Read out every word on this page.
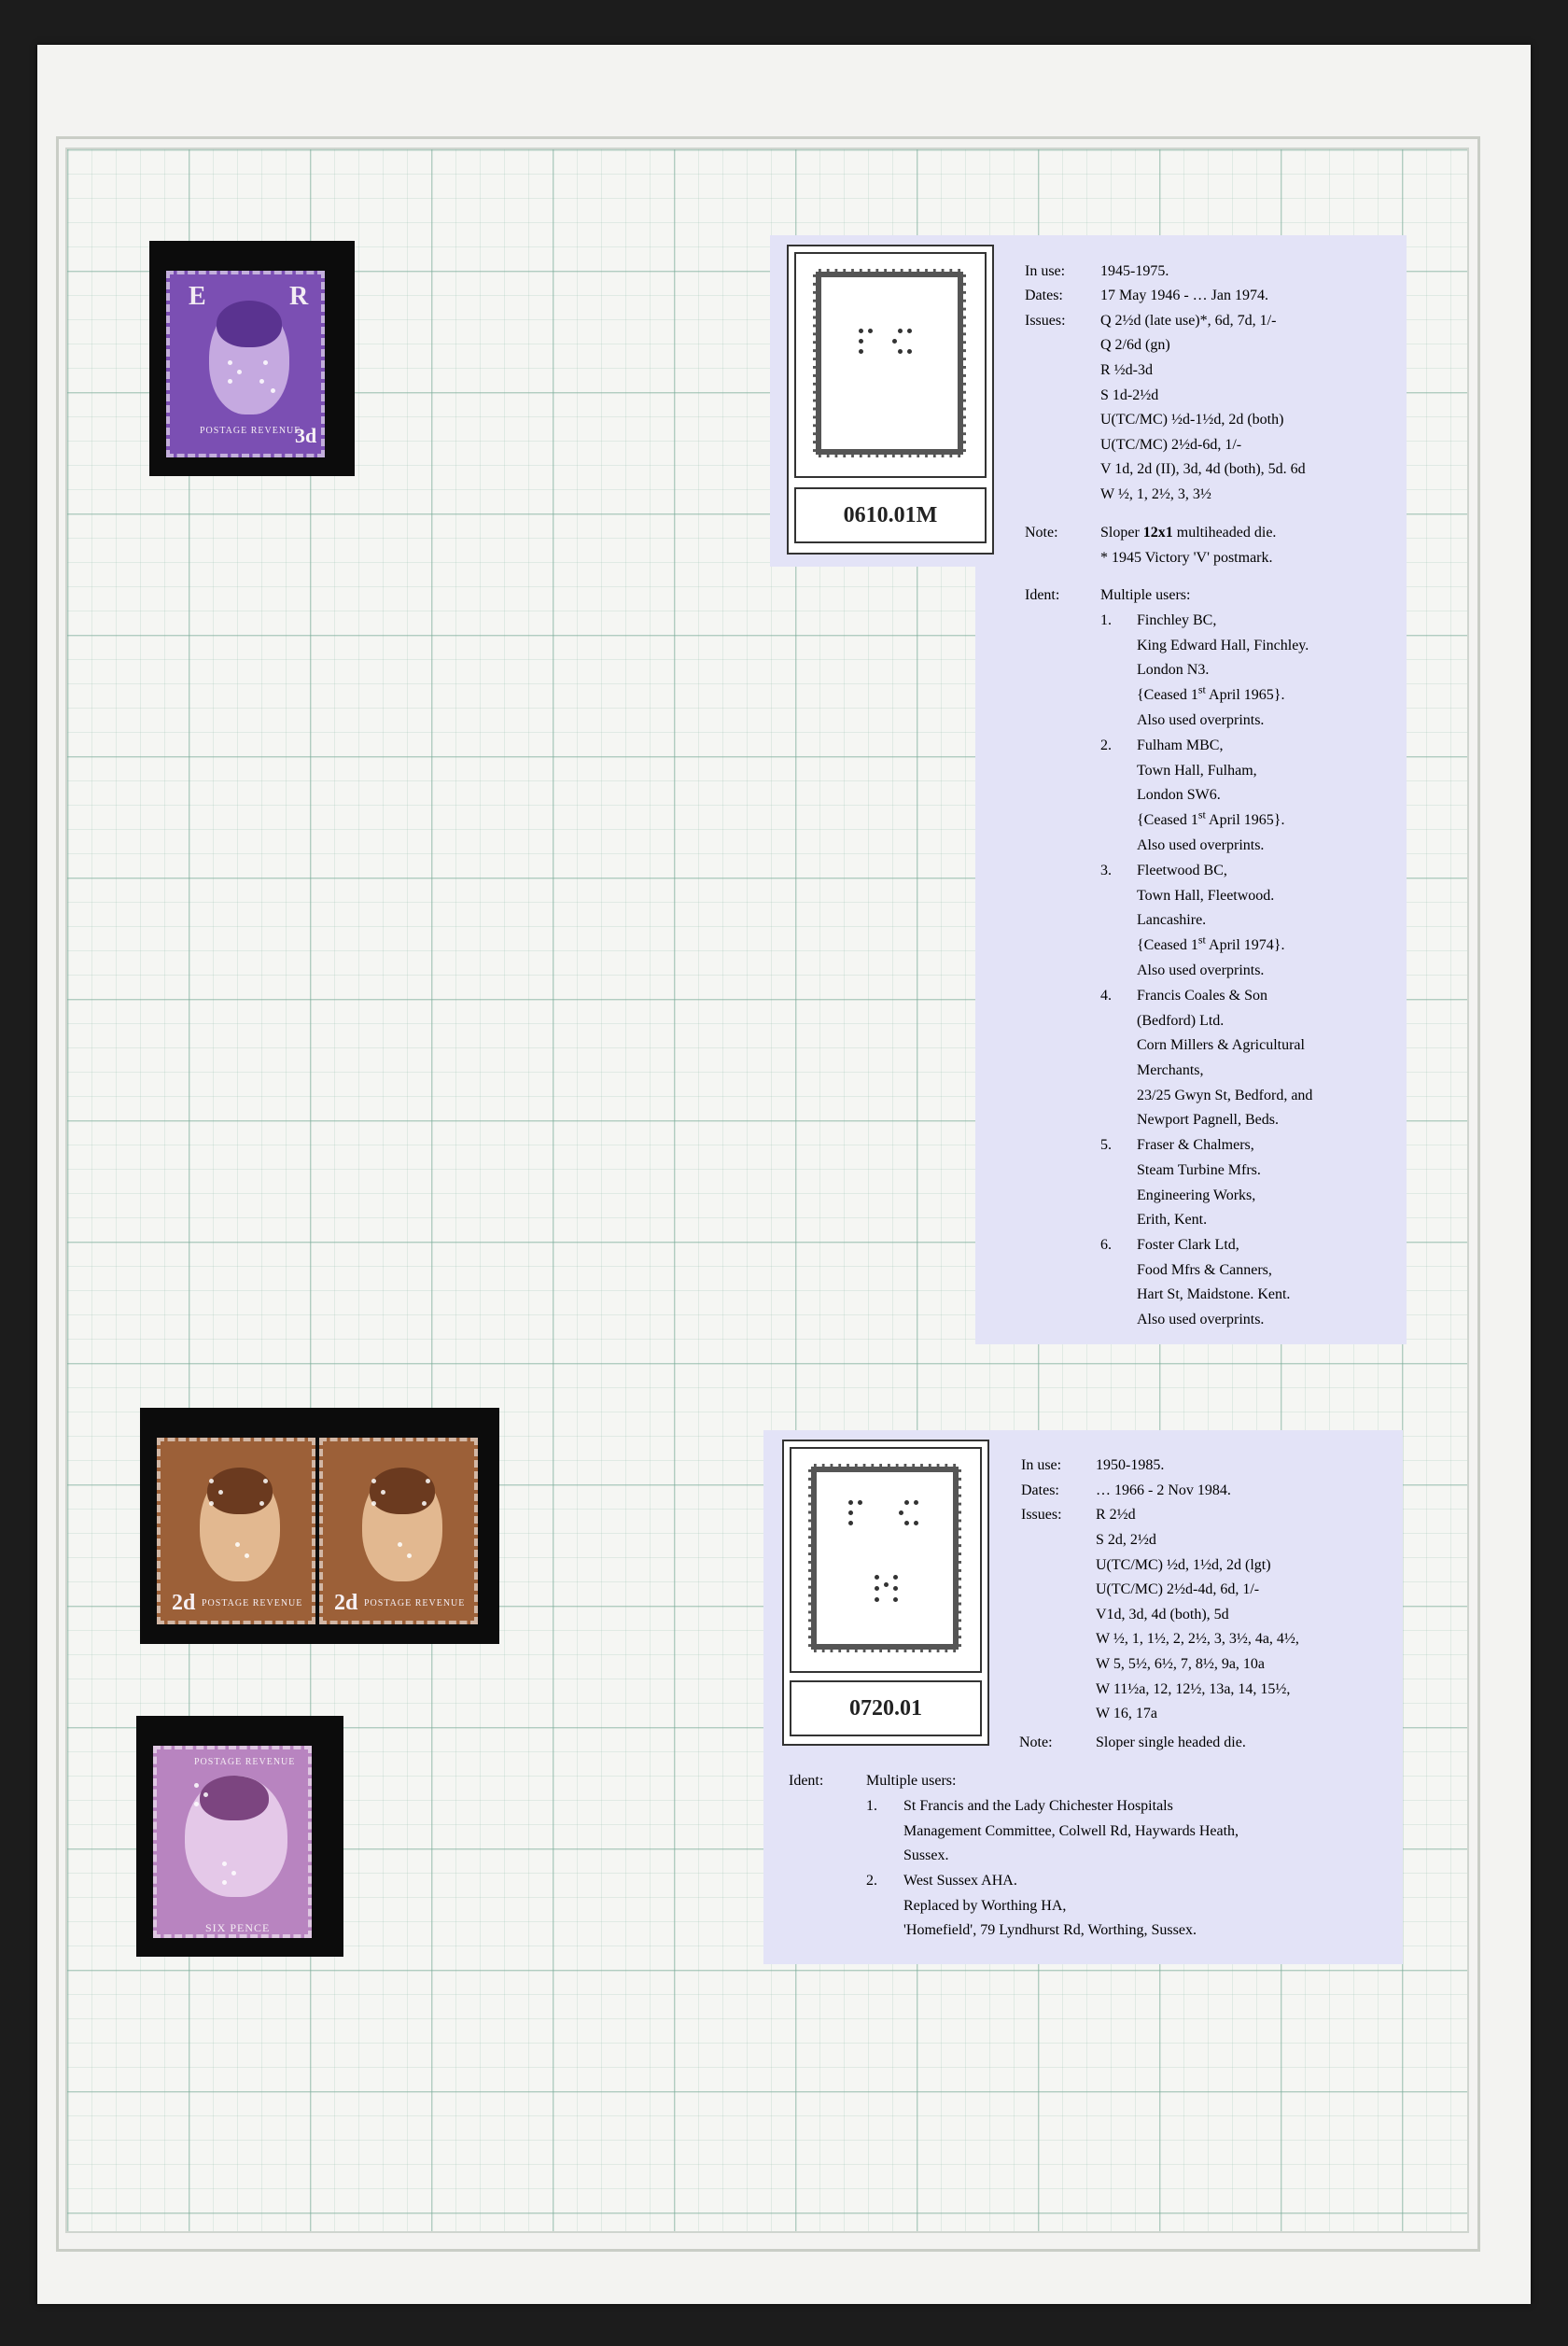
E	R
POSTAGE REVENUE
3d
0610.01M
In use: 1945-1975.
Dates:	17 May 1946 - … Jan 1974.
Issues: Q 2½d (late use)*, 6d, 7d, 1/-
Q 2/6d (gn)
R ½d-3d
S 1d-2½d
U(TC/MC) ½d-1½d, 2d (both)
U(TC/MC) 2½d-6d, 1/-
V 1d, 2d (II), 3d, 4d (both), 5d. 6d
W ½, 1, 2½, 3, 3½
Note:	Sloper 12x1 multiheaded die.
* 1945 Victory 'V' postmark.
Ident:	Multiple users:
1. Finchley BC,
King Edward Hall, Finchley.
London N3.
{Ceased 1st April 1965}.
Also used overprints.
2. Fulham MBC,
Town Hall, Fulham,
London SW6.
{Ceased 1st April 1965}.
Also used overprints.
3. Fleetwood BC,
Town Hall, Fleetwood.
Lancashire.
{Ceased 1st April 1974}.
Also used overprints.
4. Francis Coales & Son
(Bedford) Ltd.
Corn Millers & Agricultural
Merchants,
23/25 Gwyn St, Bedford, and
Newport Pagnell, Beds.
5. Fraser & Chalmers,
Steam Turbine Mfrs.
Engineering Works,
Erith, Kent.
6. Foster Clark Ltd,
Food Mfrs & Canners,
Hart St, Maidstone. Kent.
Also used overprints.
2d POSTAGE REVENUE 2d POSTAGE REVENUE
POSTAGE REVENUE
SIX PENCE
0720.01
In use: 1950-1985.
Dates: … 1966 - 2 Nov 1984.
Issues: R 2½d
S 2d, 2½d
U(TC/MC) ½d, 1½d, 2d (lgt)
U(TC/MC) 2½d-4d, 6d, 1/-
V1d, 3d, 4d (both), 5d
W ½, 1, 1½, 2, 2½, 3, 3½, 4a, 4½,
W 5, 5½, 6½, 7, 8½, 9a, 10a
W 11½a, 12, 12½, 13a, 14, 15½,
W 16, 17a
Note:	Sloper single headed die.
Ident:	Multiple users:
1. St Francis and the Lady Chichester Hospitals
Management Committee, Colwell Rd, Haywards Heath,
Sussex.
2. West Sussex AHA.
Replaced by Worthing HA,
'Homefield', 79 Lyndhurst Rd, Worthing, Sussex.
